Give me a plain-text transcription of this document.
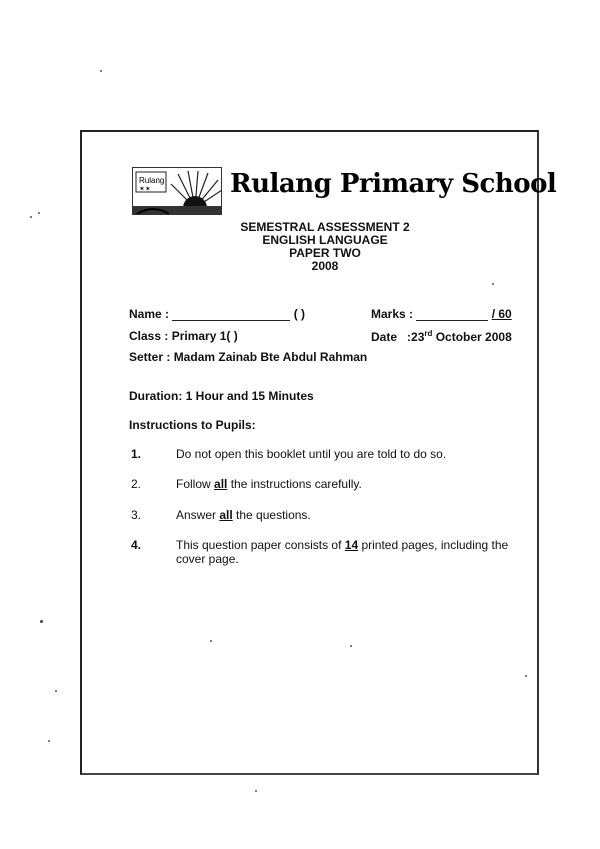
Rulang
✶✶	Rulang Primary School
SEMESTRAL ASSESSMENT 2
ENGLISH LANGUAGE
PAPER TWO
2008
Name :	( )	Marks :	/ 60
Class : Primary 1( )	Date :23rd October 2008
Setter : Madam Zainab Bte Abdul Rahman
Duration: 1 Hour and 15 Minutes
Instructions to Pupils:
1.	Do not open this booklet until you are told to do so.
2.	Follow all the instructions carefully.
3.	Answer all the questions.
4.	This question paper consists of 14 printed pages, including the cover page.
